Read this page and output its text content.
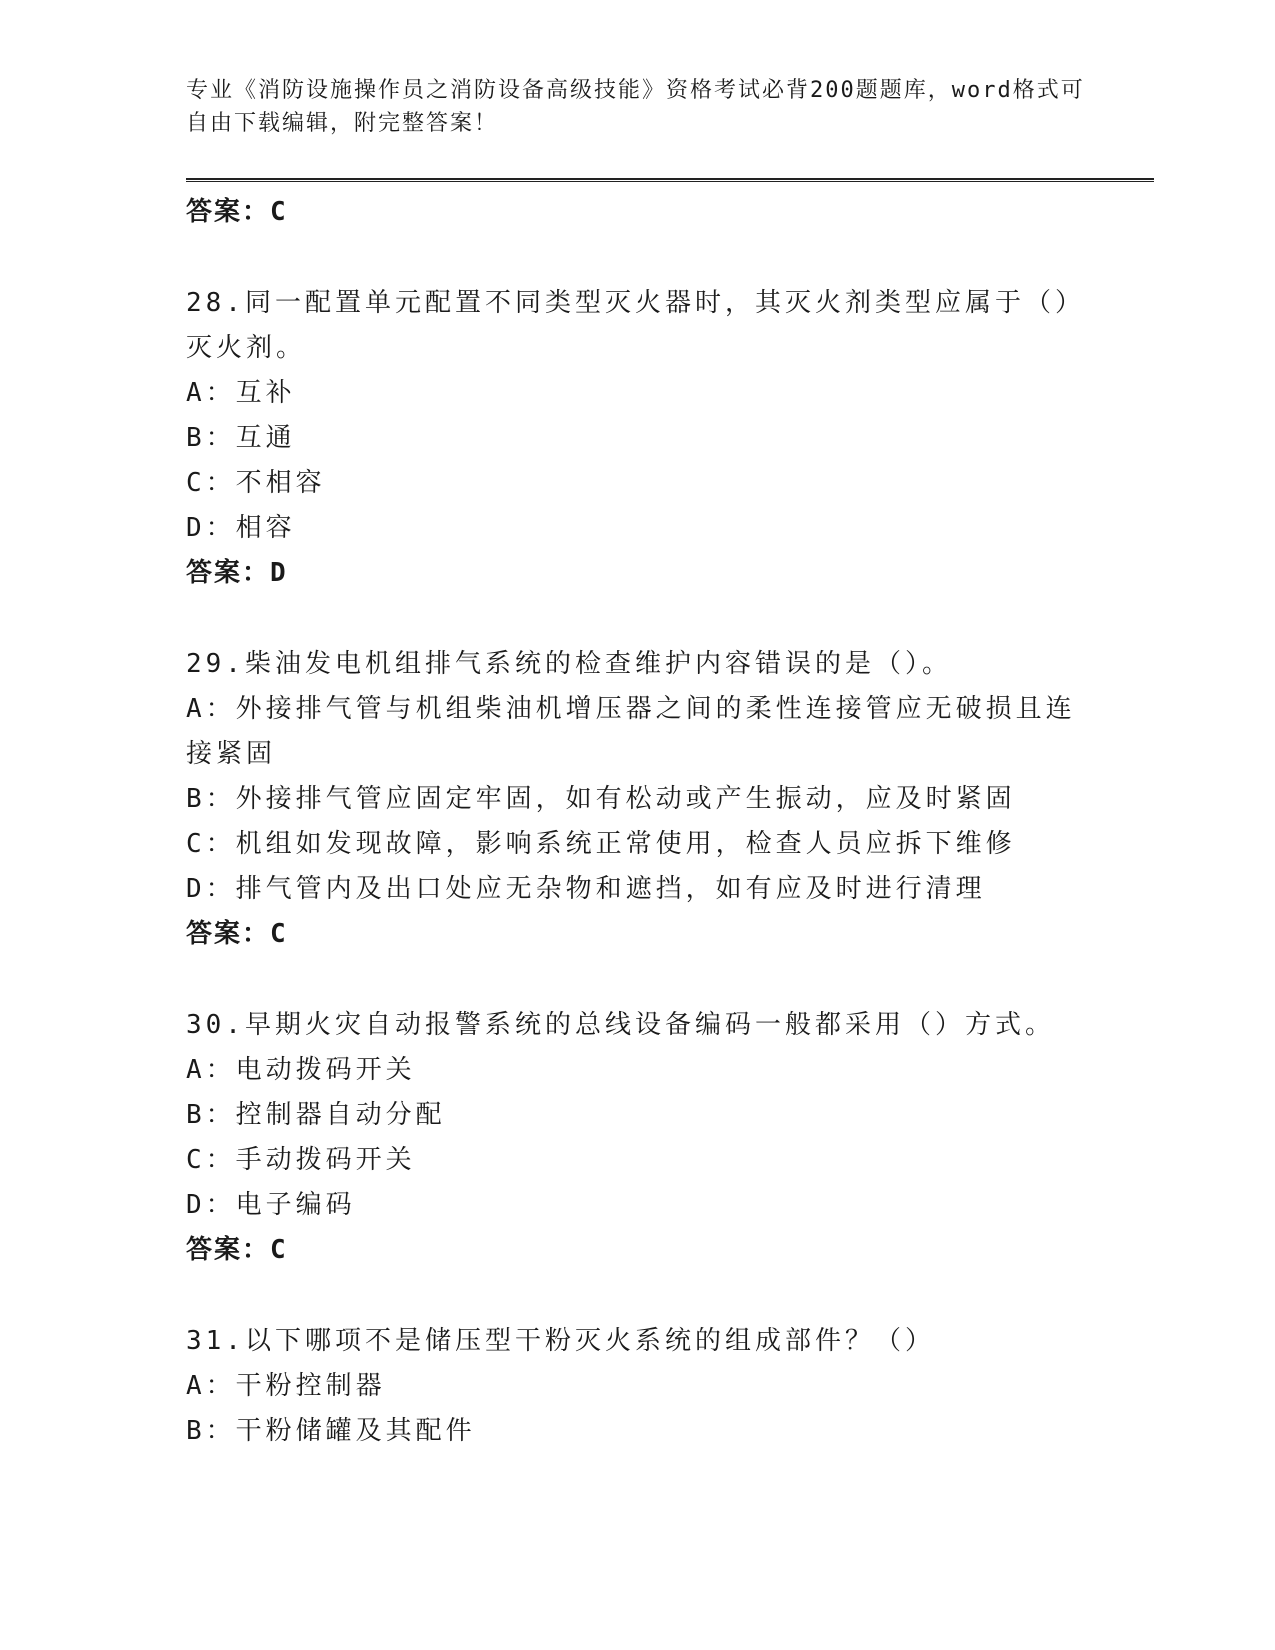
专业《消防设施操作员之消防设备高级技能》资格考试必背200题题库，word格式可自由下载编辑，附完整答案！
答案：C
28.同一配置单元配置不同类型灭火器时，其灭火剂类型应属于（）灭火剂。
A：互补
B：互通
C：不相容
D：相容
答案：D
29.柴油发电机组排气系统的检查维护内容错误的是（）。
A：外接排气管与机组柴油机增压器之间的柔性连接管应无破损且连接紧固
B：外接排气管应固定牢固，如有松动或产生振动，应及时紧固
C：机组如发现故障，影响系统正常使用，检查人员应拆下维修
D：排气管内及出口处应无杂物和遮挡，如有应及时进行清理
答案：C
30.早期火灾自动报警系统的总线设备编码一般都采用（）方式。
A：电动拨码开关
B：控制器自动分配
C：手动拨码开关
D：电子编码
答案：C
31.以下哪项不是储压型干粉灭火系统的组成部件？（）
A：干粉控制器
B：干粉储罐及其配件
